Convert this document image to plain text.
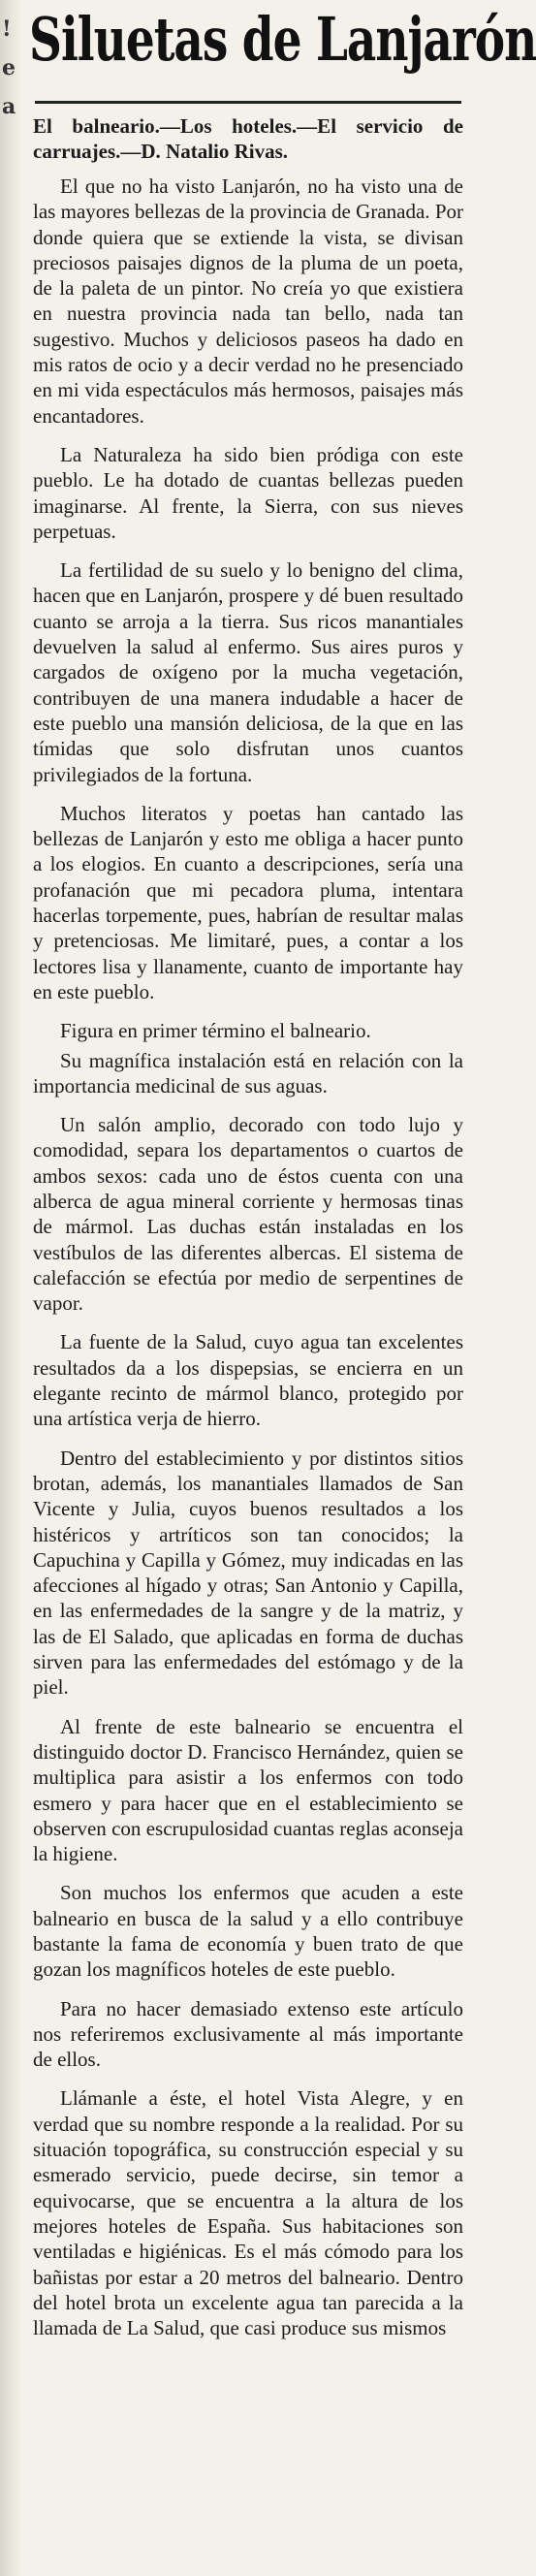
!
e
a
Siluetas de Lanjarón

El balneario.—Los hoteles.—El servicio de carruajes.—D. Natalio Rivas.

El que no ha visto Lanjarón, no ha visto una de las mayores bellezas de la provincia de Granada. Por donde quiera que se extiende la vista, se divisan preciosos paisajes dignos de la pluma de un poeta, de la paleta de un pintor. No creía yo que existiera en nuestra provincia nada tan bello, nada tan sugestivo. Muchos y deliciosos paseos ha dado en mis ratos de ocio y a decir verdad no he presenciado en mi vida espectáculos más hermosos, paisajes más encantadores.

La Naturaleza ha sido bien pródiga con este pueblo. Le ha dotado de cuantas bellezas pueden imaginarse. Al frente, la Sierra, con sus nieves perpetuas.

La fertilidad de su suelo y lo benigno del clima, hacen que en Lanjarón, prospere y dé buen resultado cuanto se arroja a la tierra. Sus ricos manantiales devuelven la salud al enfermo. Sus aires puros y cargados de oxígeno por la mucha vegetación, contribuyen de una manera indudable a hacer de este pueblo una mansión deliciosa, de la que en las tímidas que solo disfrutan unos cuantos privilegiados de la fortuna.

Muchos literatos y poetas han cantado las bellezas de Lanjarón y esto me obliga a hacer punto a los elogios. En cuanto a descripciones, sería una profanación que mi pecadora pluma, intentara hacerlas torpemente, pues, habrían de resultar malas y pretenciosas. Me limitaré, pues, a contar a los lectores lisa y llanamente, cuanto de importante hay en este pueblo.

Figura en primer término el balneario.

Su magnífica instalación está en relación con la importancia medicinal de sus aguas.

Un salón amplio, decorado con todo lujo y comodidad, separa los departamentos o cuartos de ambos sexos: cada uno de éstos cuenta con una alberca de agua mineral corriente y hermosas tinas de mármol. Las duchas están instaladas en los vestíbulos de las diferentes albercas. El sistema de calefacción se efectúa por medio de serpentines de vapor.

La fuente de la Salud, cuyo agua tan excelentes resultados da a los dispepsias, se encierra en un elegante recinto de mármol blanco, protegido por una artística verja de hierro.

Dentro del establecimiento y por distintos sitios brotan, además, los manantiales llamados de San Vicente y Julia, cuyos buenos resultados a los histéricos y artríticos son tan conocidos; la Capuchina y Capilla y Gómez, muy indicadas en las afecciones al hígado y otras; San Antonio y Capilla, en las enfermedades de la sangre y de la matriz, y las de El Salado, que aplicadas en forma de duchas sirven para las enfermedades del estómago y de la piel.

Al frente de este balneario se encuentra el distinguido doctor D. Francisco Hernández, quien se multiplica para asistir a los enfermos con todo esmero y para hacer que en el establecimiento se observen con escrupulosidad cuantas reglas aconseja la higiene.

Son muchos los enfermos que acuden a este balneario en busca de la salud y a ello contribuye bastante la fama de economía y buen trato de que gozan los magníficos hoteles de este pueblo.

Para no hacer demasiado extenso este artículo nos referiremos exclusivamente al más importante de ellos.

Llámanle a éste, el hotel Vista Alegre, y en verdad que su nombre responde a la realidad. Por su situación topográfica, su construcción especial y su esmerado servicio, puede decirse, sin temor a equivocarse, que se encuentra a la altura de los mejores hoteles de España. Sus habitaciones son ventiladas e higiénicas. Es el más cómodo para los bañistas por estar a 20 metros del balneario. Dentro del hotel brota un excelente agua tan parecida a la llamada de La Salud, que casi produce sus mismos
